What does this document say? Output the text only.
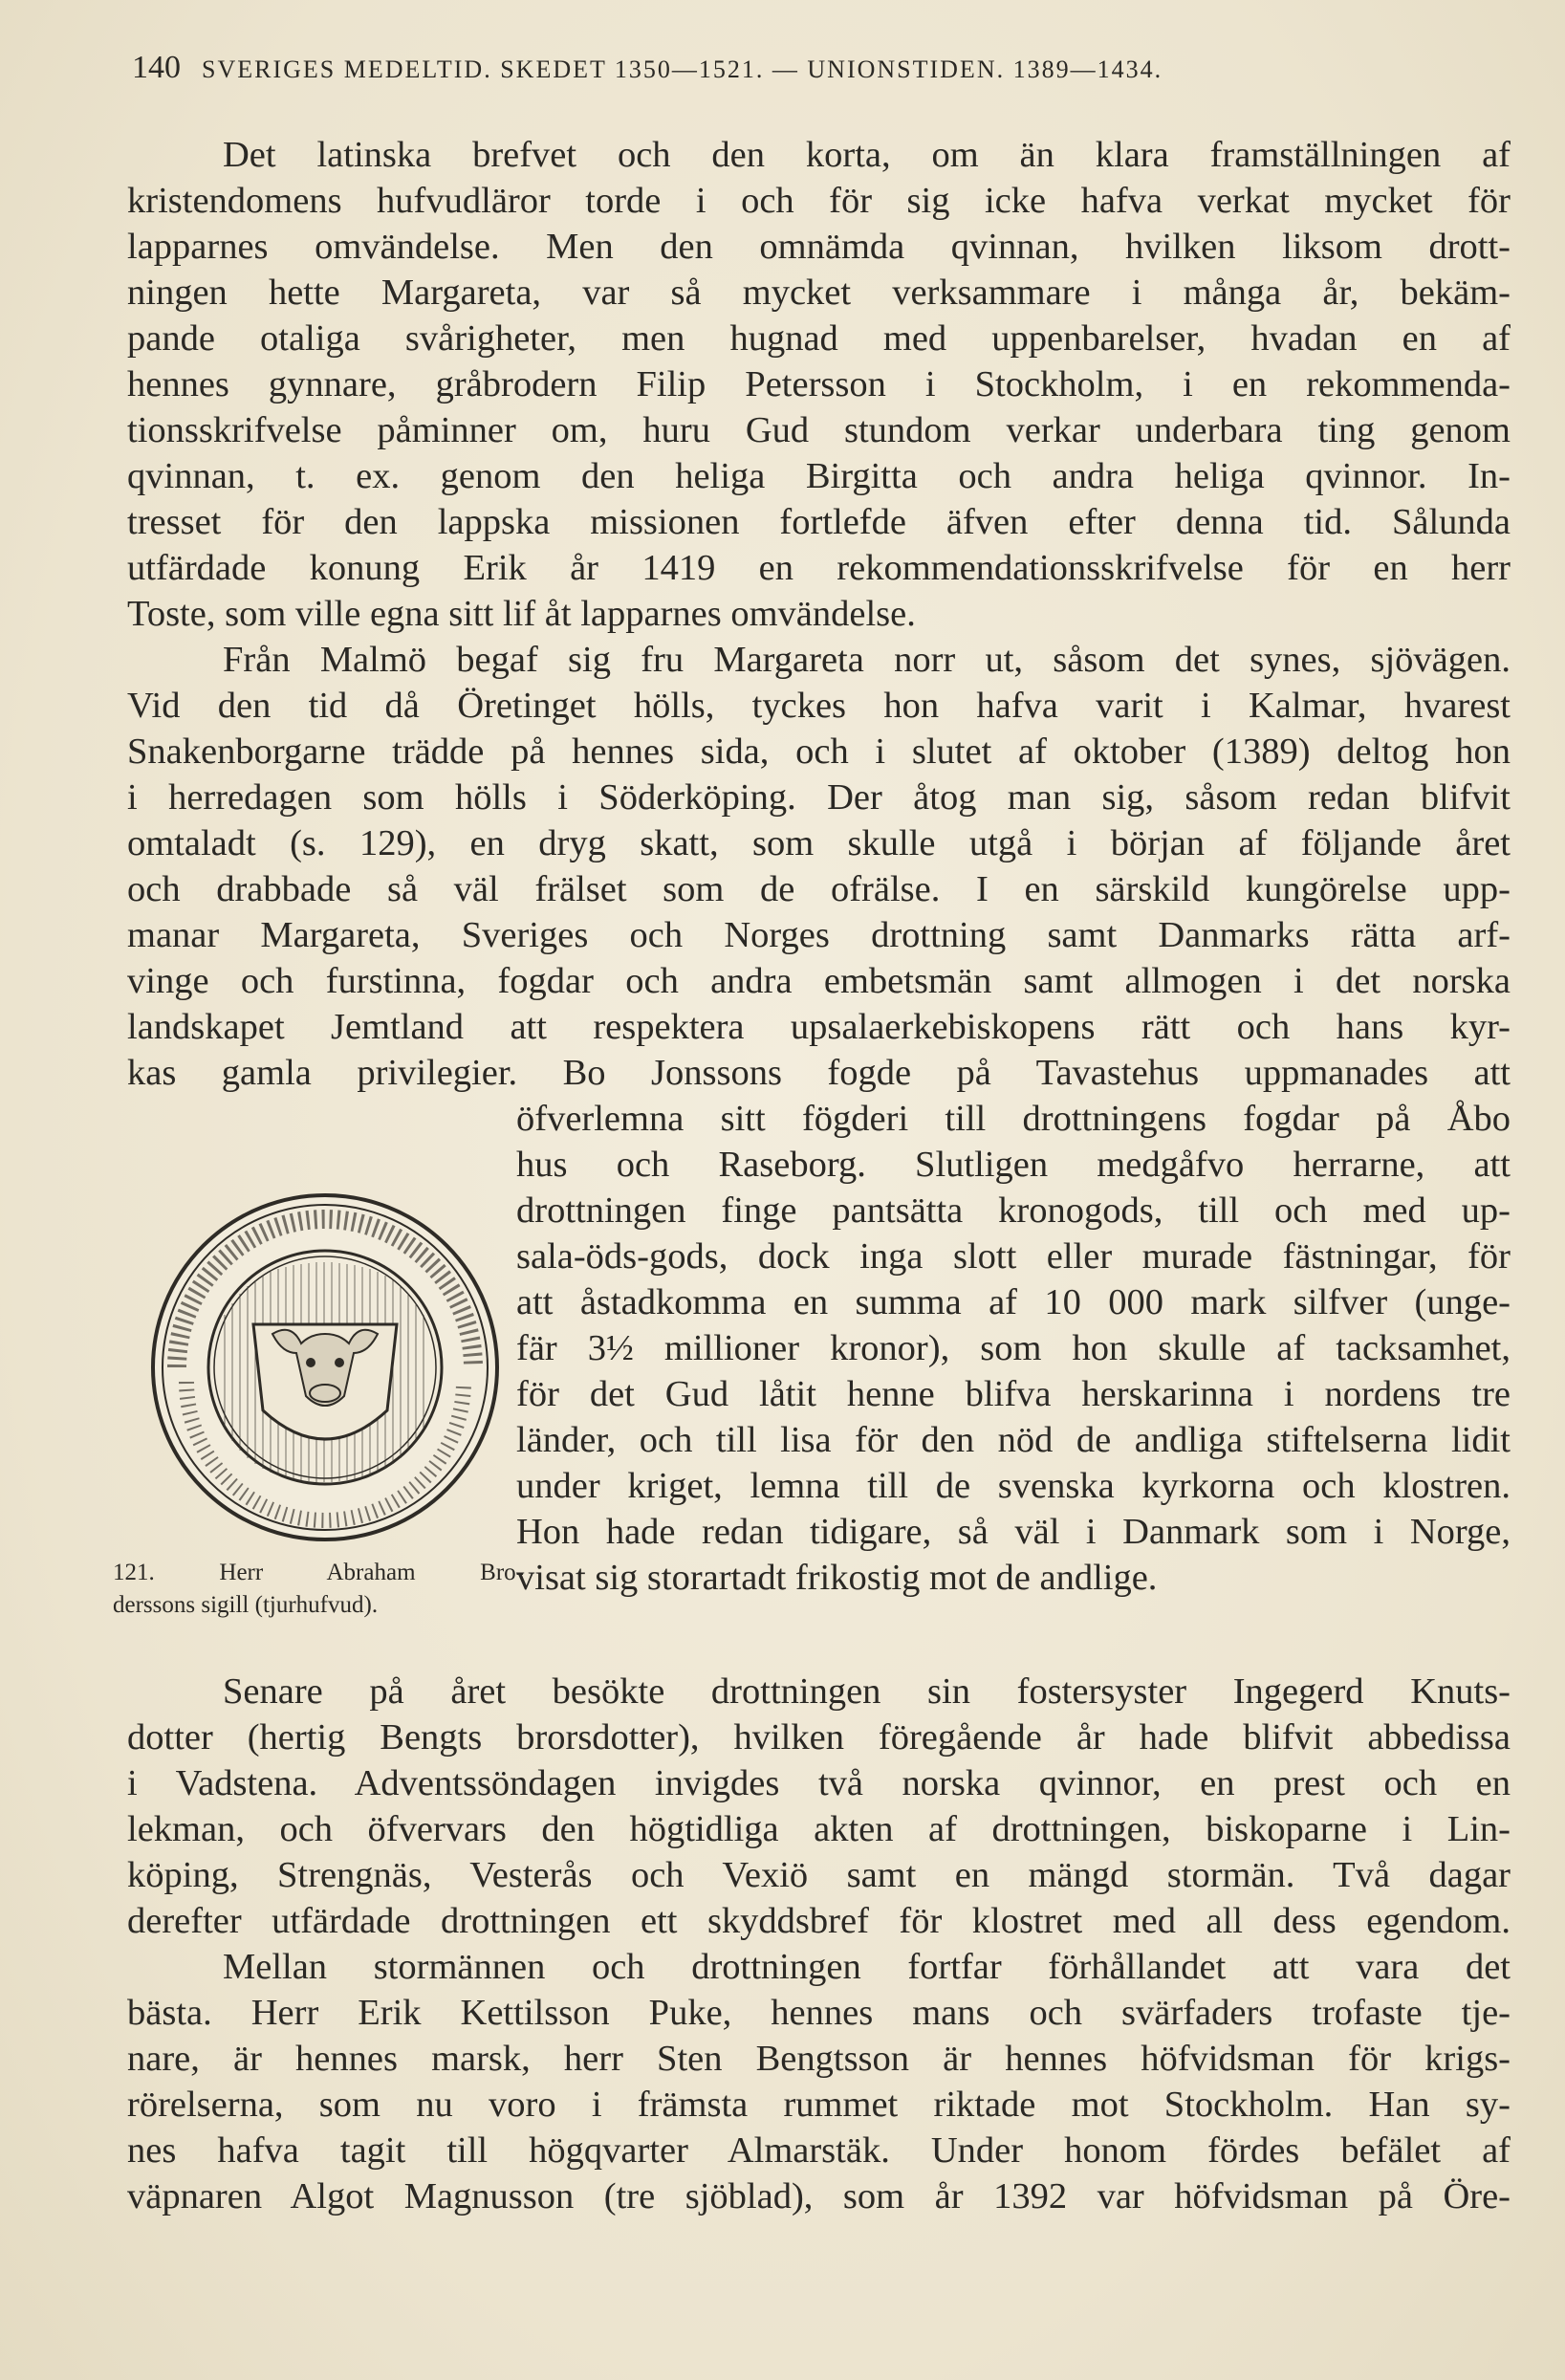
140 SVERIGES MEDELTID. SKEDET 1350—1521. — UNIONSTIDEN. 1389—1434.
Det latinska brefvet och den korta, om än klara framställningen af
kristendomens hufvudläror torde i och för sig icke hafva verkat mycket för
lapparnes omvändelse. Men den omnämda qvinnan, hvilken liksom drott-
ningen hette Margareta, var så mycket verksammare i många år, bekäm-
pande otaliga svårigheter, men hugnad med uppenbarelser, hvadan en af
hennes gynnare, gråbrodern Filip Petersson i Stockholm, i en rekommenda-
tionsskrifvelse påminner om, huru Gud stundom verkar underbara ting genom
qvinnan, t. ex. genom den heliga Birgitta och andra heliga qvinnor. In-
tresset för den lappska missionen fortlefde äfven efter denna tid. Sålunda
utfärdade konung Erik år 1419 en rekommendationsskrifvelse för en herr
Toste, som ville egna sitt lif åt lapparnes omvändelse.
Från Malmö begaf sig fru Margareta norr ut, såsom det synes, sjövägen.
Vid den tid då Öretinget hölls, tyckes hon hafva varit i Kalmar, hvarest
Snakenborgarne trädde på hennes sida, och i slutet af oktober (1389) deltog hon
i herredagen som hölls i Söderköping. Der åtog man sig, såsom redan blifvit
omtaladt (s. 129), en dryg skatt, som skulle utgå i början af följande året
och drabbade så väl frälset som de ofrälse. I en särskild kungörelse upp-
manar Margareta, Sveriges och Norges drottning samt Danmarks rätta arf-
vinge och furstinna, fogdar och andra embetsmän samt allmogen i det norska
landskapet Jemtland att respektera upsalaerkebiskopens rätt och hans kyr-
kas gamla privilegier. Bo Jonssons fogde på Tavastehus uppmanades att
öfverlemna sitt fögderi till drottningens fogdar på Åbo
hus och Raseborg. Slutligen medgåfvo herrarne, att
drottningen finge pantsätta kronogods, till och med up-
sala-öds-gods, dock inga slott eller murade fästningar, för
att åstadkomma en summa af 10 000 mark silfver (unge-
fär 3½ millioner kronor), som hon skulle af tacksamhet,
för det Gud låtit henne blifva herskarinna i nordens tre
länder, och till lisa för den nöd de andliga stiftelserna lidit
under kriget, lemna till de svenska kyrkorna och klostren.
Hon hade redan tidigare, så väl i Danmark som i Norge,
visat sig storartadt frikostig mot de andlige.
121. Herr Abraham Bro-
derssons sigill (tjurhufvud).
Senare på året besökte drottningen sin fostersyster Ingegerd Knuts-
dotter (hertig Bengts brorsdotter), hvilken föregående år hade blifvit abbedissa
i Vadstena. Adventssöndagen invigdes två norska qvinnor, en prest och en
lekman, och öfvervars den högtidliga akten af drottningen, biskoparne i Lin-
köping, Strengnäs, Vesterås och Vexiö samt en mängd stormän. Två dagar
derefter utfärdade drottningen ett skyddsbref för klostret med all dess egendom.
Mellan stormännen och drottningen fortfar förhållandet att vara det
bästa. Herr Erik Kettilsson Puke, hennes mans och svärfaders trofaste tje-
nare, är hennes marsk, herr Sten Bengtsson är hennes höfvidsman för krigs-
rörelserna, som nu voro i främsta rummet riktade mot Stockholm. Han sy-
nes hafva tagit till högqvarter Almarstäk. Under honom fördes befälet af
väpnaren Algot Magnusson (tre sjöblad), som år 1392 var höfvidsman på Öre-
